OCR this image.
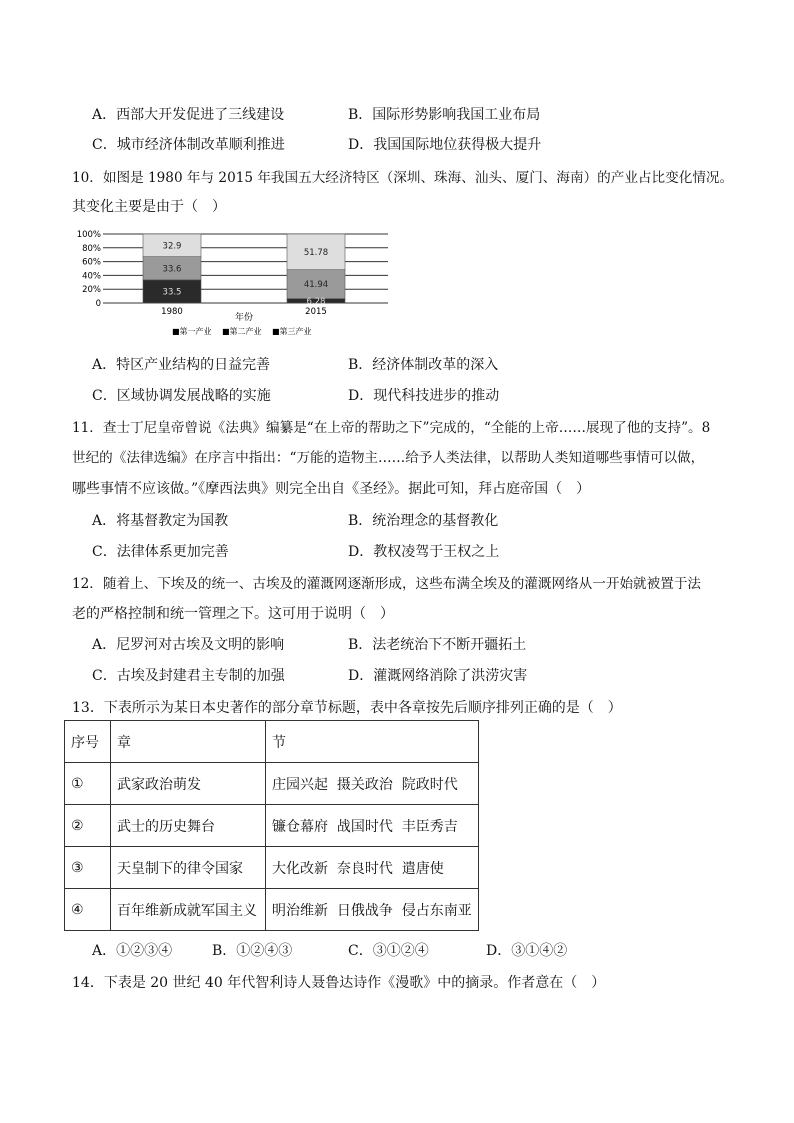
A．西部大开发促进了三线建设	B．国际形势影响我国工业布局
C．城市经济体制改革顺利推进	D．我国国际地位获得极大提升
10．如图是 1980 年与 2015 年我国五大经济特区（深圳、珠海、汕头、厦门、海南）的产业占比变化情况。
其变化主要是由于（　）
100%
80%
60%
40%
20%
0
33.5
33.6
32.9
6.28
41.94
51.78
1980	2015
年份
■第一产业 ■第二产业 ■第三产业
A．特区产业结构的日益完善	B．经济体制改革的深入
C．区域协调发展战略的实施	D．现代科技进步的推动
11．查士丁尼皇帝曾说《法典》编纂是“在上帝的帮助之下”完成的，“全能的上帝……展现了他的支持”。8
世纪的《法律选编》在序言中指出：“万能的造物主……给予人类法律，以帮助人类知道哪些事情可以做，
哪些事情不应该做。”《摩西法典》则完全出自《圣经》。据此可知，拜占庭帝国（　）
A．将基督教定为国教	B．统治理念的基督教化
C．法律体系更加完善	D．教权凌驾于王权之上
12．随着上、下埃及的统一、古埃及的灌溉网逐渐形成，这些布满全埃及的灌溉网络从一开始就被置于法
老的严格控制和统一管理之下。这可用于说明（　）
A．尼罗河对古埃及文明的影响	B．法老统治下不断开疆拓土
C．古埃及封建君主专制的加强	D．灌溉网络消除了洪涝灾害
13．下表所示为某日本史著作的部分章节标题，表中各章按先后顺序排列正确的是（　）
序号	章	节
①	武家政治萌发	庄园兴起  摄关政治  院政时代
②	武士的历史舞台	镰仓幕府  战国时代  丰臣秀吉
③	天皇制下的律令国家	大化改新  奈良时代  遣唐使
④	百年维新成就军国主义	明治维新  日俄战争  侵占东南亚
A．①②③④	B．①②④③	C．③①②④	D．③①④②
14．下表是 20 世纪 40 年代智利诗人聂鲁达诗作《漫歌》中的摘录。作者意在（　）
